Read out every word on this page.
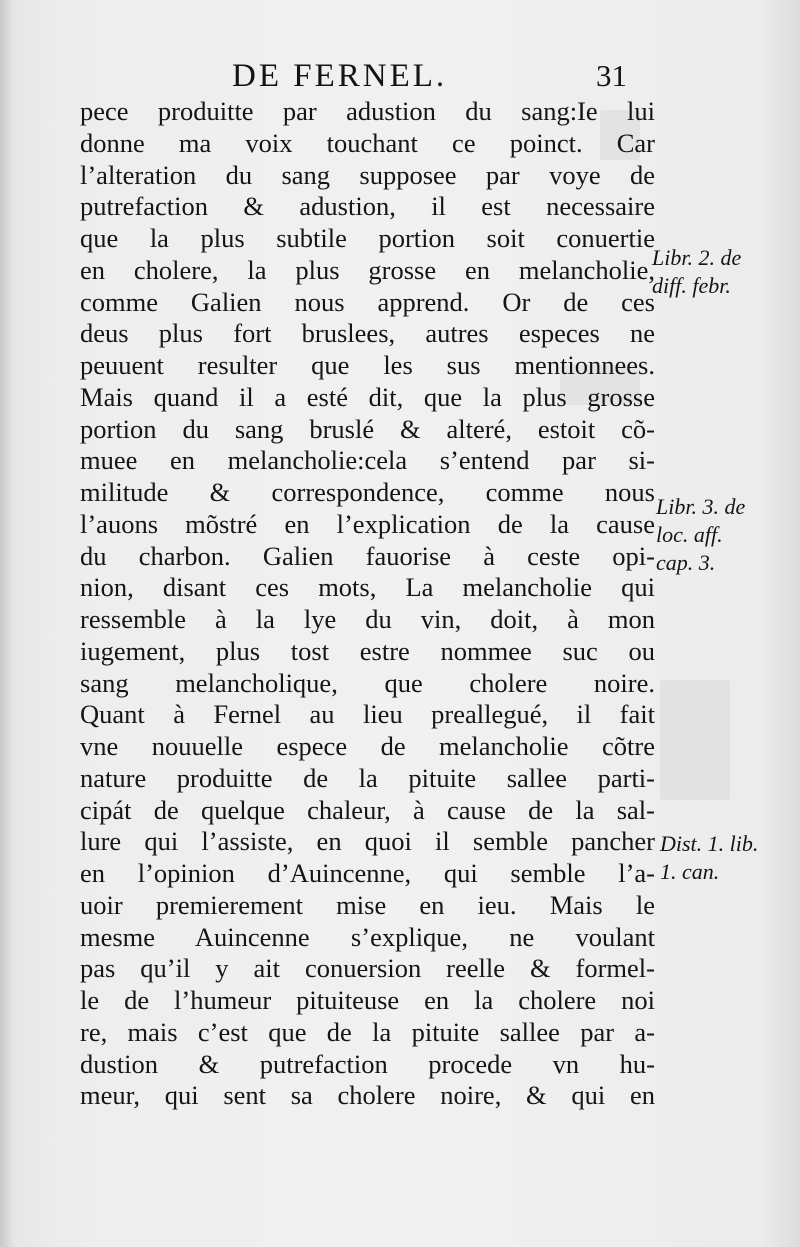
DE FERNEL.	31
pece produitte par adustion du sang:Ie lui
donne ma voix touchant ce poinct. Car
l’alteration du sang supposee par voye de
putrefaction & adustion, il est necessaire
que la plus subtile portion soit conuertie
en cholere, la plus grosse en melancholie,
comme Galien nous apprend. Or de ces
deus plus fort bruslees, autres especes ne
peuuent resulter que les sus mentionnees.
Mais quand il a esté dit, que la plus grosse
portion du sang bruslé & alteré, estoit cõ-
muee en melancholie:cela s’entend par si-
militude & correspondence, comme nous
l’auons mõstré en l’explication de la cause
du charbon. Galien fauorise à ceste opi-
nion, disant ces mots, La melancholie qui
ressemble à la lye du vin, doit, à mon
iugement, plus tost estre nommee suc ou
sang melancholique, que cholere noire.
Quant à Fernel au lieu preallegué, il fait
vne nouuelle espece de melancholie cõtre
nature produitte de la pituite sallee parti-
cipát de quelque chaleur, à cause de la sal-
lure qui l’assiste, en quoi il semble pancher
en l’opinion d’Auincenne, qui semble l’a-
uoir premierement mise en ieu. Mais le
mesme Auincenne s’explique, ne voulant
pas qu’il y ait conuersion reelle & formel-
le de l’humeur pituiteuse en la cholere noi
re, mais c’est que de la pituite sallee par a-
dustion & putrefaction procede vn hu-
meur, qui sent sa cholere noire, & qui en
Libr. 2. de
diff. febr.
Libr. 3. de
loc. aff.
cap. 3.
Dist. 1. lib.
1. can.
